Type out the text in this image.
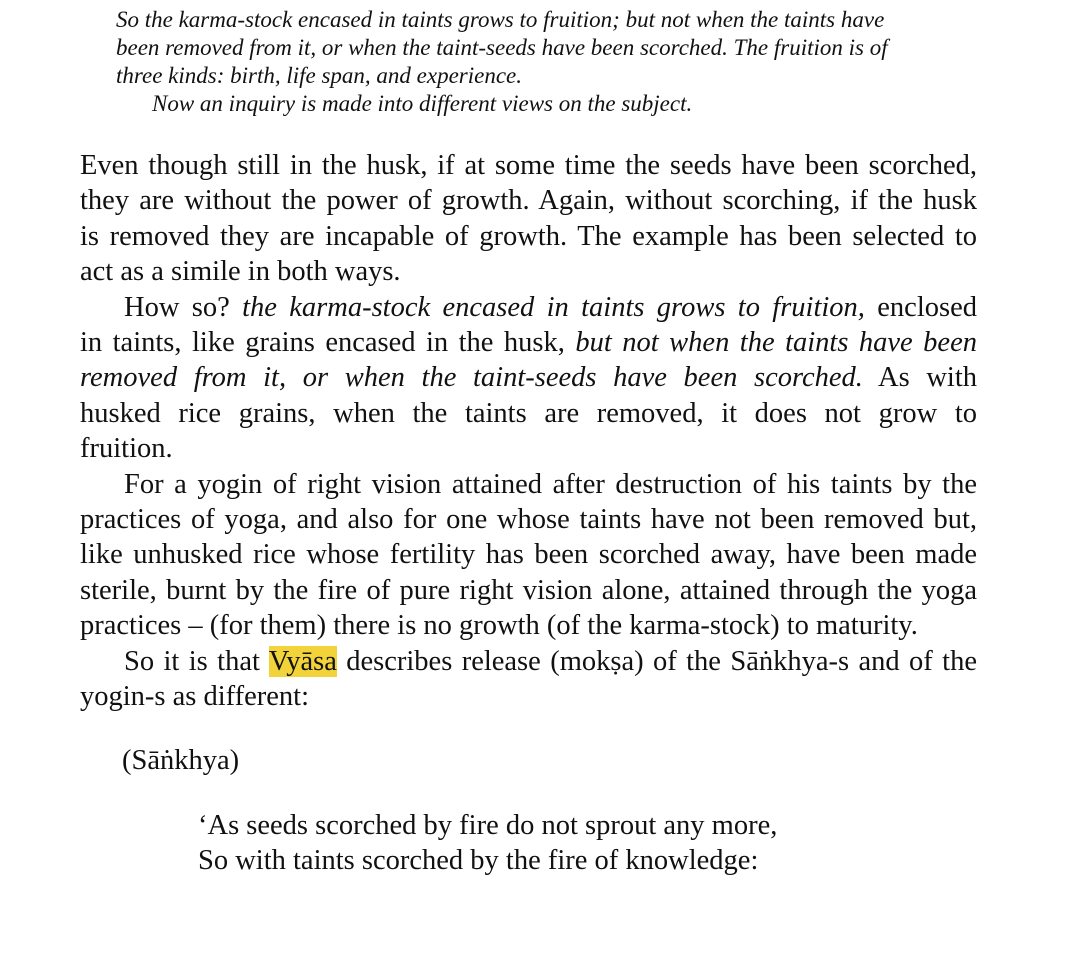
So the karma-stock encased in taints grows to fruition; but not when the taints have
been removed from it, or when the taint-seeds have been scorched. The fruition is of
three kinds: birth, life span, and experience.
Now an inquiry is made into different views on the subject.
Even though still in the husk, if at some time the seeds have been scorched,
they are without the power of growth. Again, without scorching, if the husk
is removed they are incapable of growth. The example has been selected to
act as a simile in both ways.
How so? the karma-stock encased in taints grows to fruition, enclosed
in taints, like grains encased in the husk, but not when the taints have been
removed from it, or when the taint-seeds have been scorched. As with
husked rice grains, when the taints are removed, it does not grow to
fruition.
For a yogin of right vision attained after destruction of his taints by the
practices of yoga, and also for one whose taints have not been removed but,
like unhusked rice whose fertility has been scorched away, have been made
sterile, burnt by the fire of pure right vision alone, attained through the yoga
practices – (for them) there is no growth (of the karma-stock) to maturity.
So it is that Vyāsa describes release (mokṣa) of the Sāṅkhya-s and of the
yogin-s as different:
(Sāṅkhya)
‘As seeds scorched by fire do not sprout any more,
So with taints scorched by the fire of knowledge:
